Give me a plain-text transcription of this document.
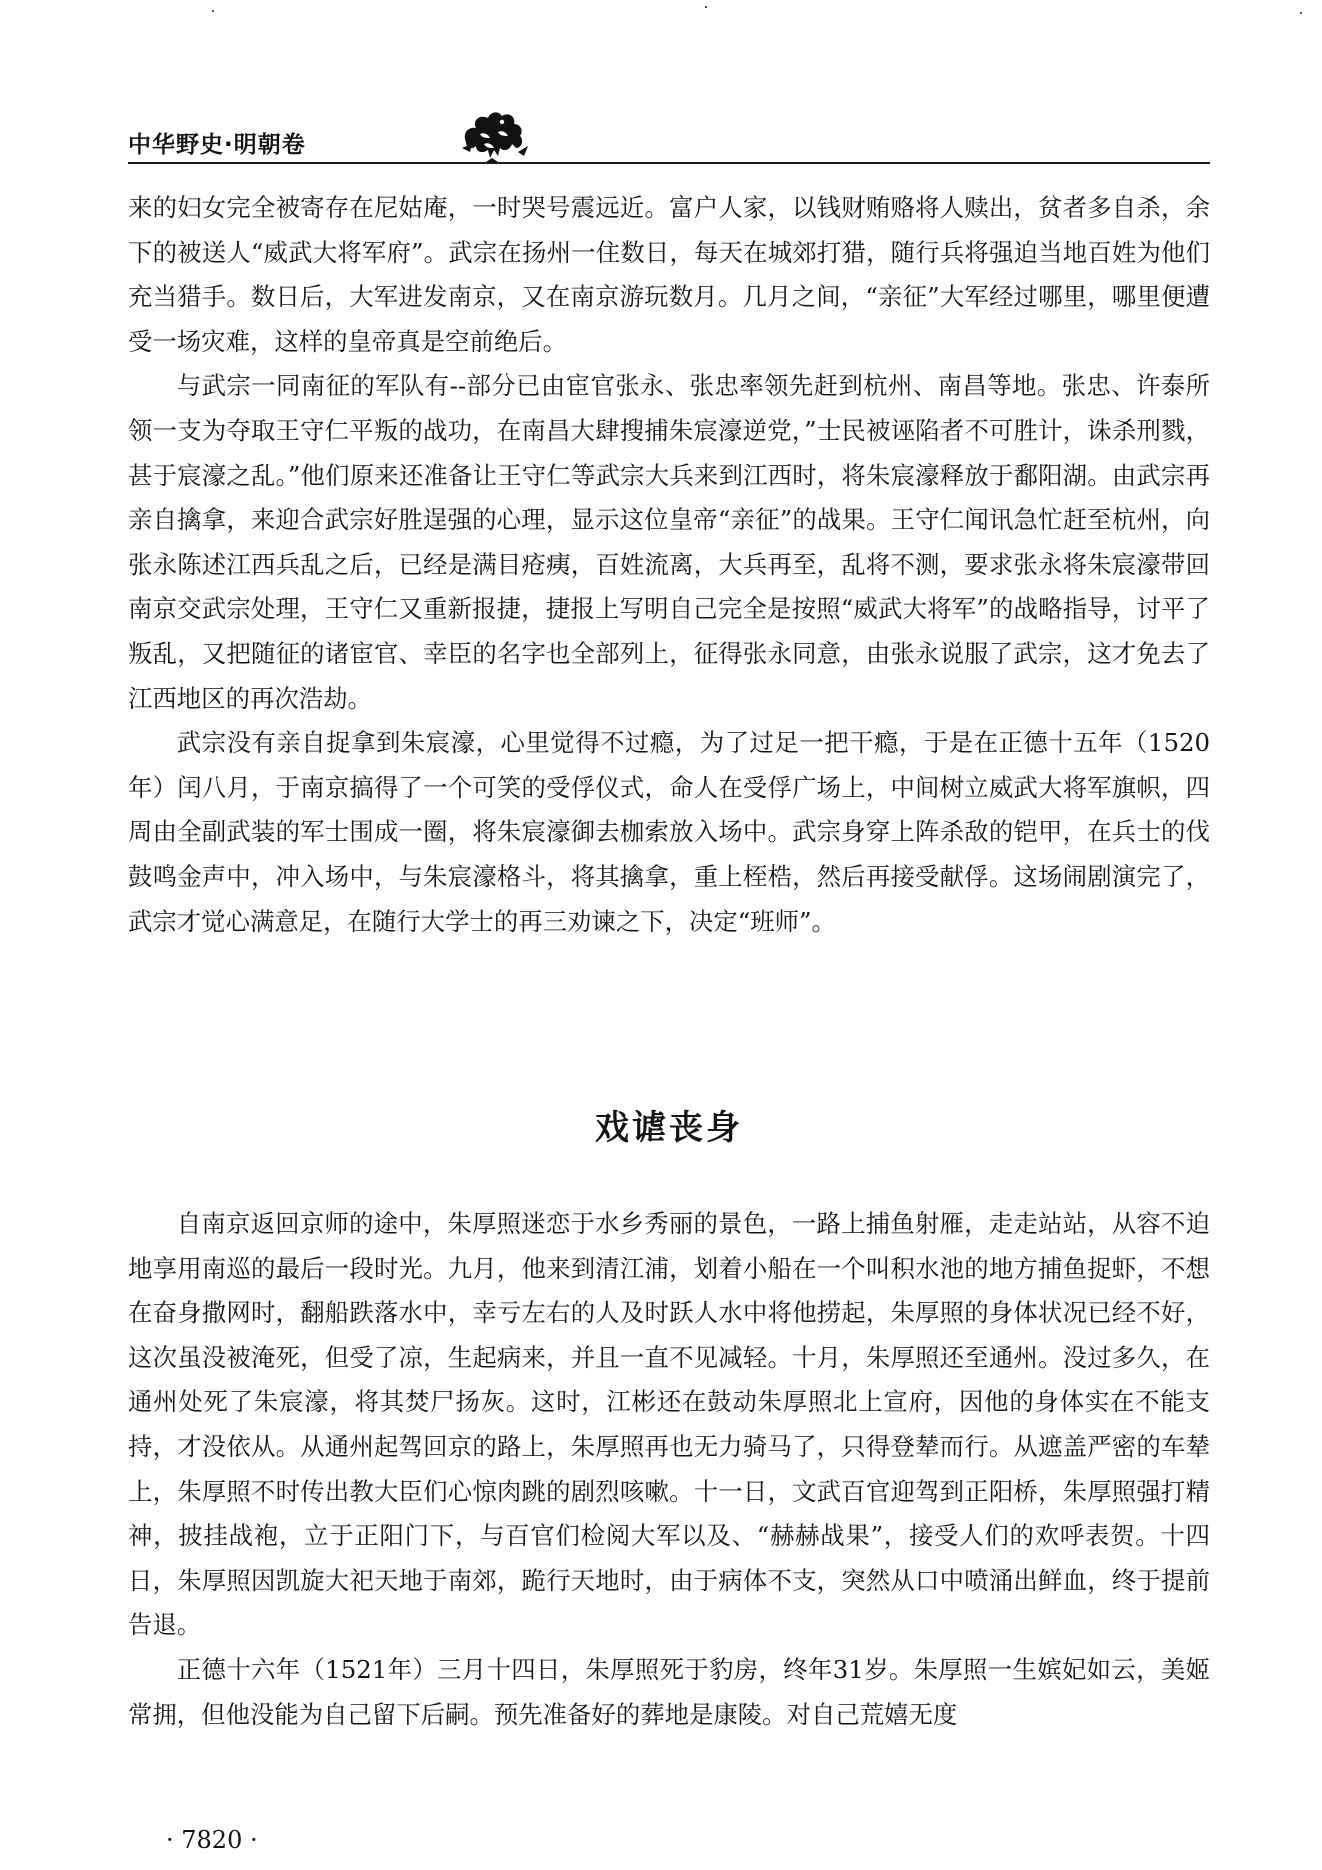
中华野史·明朝卷

来的妇女完全被寄存在尼姑庵，一时哭号震远近。富户人家，以钱财贿赂将人赎出，贫者多自杀，余下的被送人“威武大将军府”。武宗在扬州一住数日，每天在城郊打猎，随行兵将强迫当地百姓为他们充当猎手。数日后，大军进发南京，又在南京游玩数月。几月之间，“亲征”大军经过哪里，哪里便遭受一场灾难，这样的皇帝真是空前绝后。

与武宗一同南征的军队有--部分已由宦官张永、张忠率领先赶到杭州、南昌等地。张忠、许泰所领一支为夺取王守仁平叛的战功，在南昌大肆搜捕朱宸濠逆党，”士民被诬陷者不可胜计，诛杀刑戮，甚于宸濠之乱。”他们原来还准备让王守仁等武宗大兵来到江西时，将朱宸濠释放于鄱阳湖。由武宗再亲自擒拿，来迎合武宗好胜逞强的心理，显示这位皇帝“亲征”的战果。王守仁闻讯急忙赶至杭州，向张永陈述江西兵乱之后，已经是满目疮痍，百姓流离，大兵再至，乱将不测，要求张永将朱宸濠带回南京交武宗处理，王守仁又重新报捷，捷报上写明自己完全是按照“威武大将军”的战略指导，讨平了叛乱，又把随征的诸宦官、幸臣的名字也全部列上，征得张永同意，由张永说服了武宗，这才免去了江西地区的再次浩劫。

武宗没有亲自捉拿到朱宸濠，心里觉得不过瘾，为了过足一把干瘾，于是在正德十五年（1520年）闰八月，于南京搞得了一个可笑的受俘仪式，命人在受俘广场上，中间树立威武大将军旗帜，四周由全副武装的军士围成一圈，将朱宸濠御去枷索放入场中。武宗身穿上阵杀敌的铠甲，在兵士的伐鼓鸣金声中，冲入场中，与朱宸濠格斗，将其擒拿，重上桎梏，然后再接受献俘。这场闹剧演完了，武宗才觉心满意足，在随行大学士的再三劝谏之下，决定“班师”。

戏谑丧身

自南京返回京师的途中，朱厚照迷恋于水乡秀丽的景色，一路上捕鱼射雁，走走站站，从容不迫地享用南巡的最后一段时光。九月，他来到清江浦，划着小船在一个叫积水池的地方捕鱼捉虾，不想在奋身撒网时，翻船跌落水中，幸亏左右的人及时跃人水中将他捞起，朱厚照的身体状况已经不好，这次虽没被淹死，但受了凉，生起病来，并且一直不见减轻。十月，朱厚照还至通州。没过多久，在通州处死了朱宸濠，将其焚尸扬灰。这时，江彬还在鼓动朱厚照北上宣府，因他的身体实在不能支持，才没依从。从通州起驾回京的路上，朱厚照再也无力骑马了，只得登辇而行。从遮盖严密的车辇上，朱厚照不时传出教大臣们心惊肉跳的剧烈咳嗽。十一日，文武百官迎驾到正阳桥，朱厚照强打精神，披挂战袍，立于正阳门下，与百官们检阅大军以及、“赫赫战果”，接受人们的欢呼表贺。十四日，朱厚照因凯旋大祀天地于南郊，跪行天地时，由于病体不支，突然从口中喷涌出鲜血，终于提前告退。

正德十六年（1521年）三月十四日，朱厚照死于豹房，终年31岁。朱厚照一生嫔妃如云，美姬常拥，但他没能为自己留下后嗣。预先准备好的葬地是康陵。对自己荒嬉无度

· 7820 ·
